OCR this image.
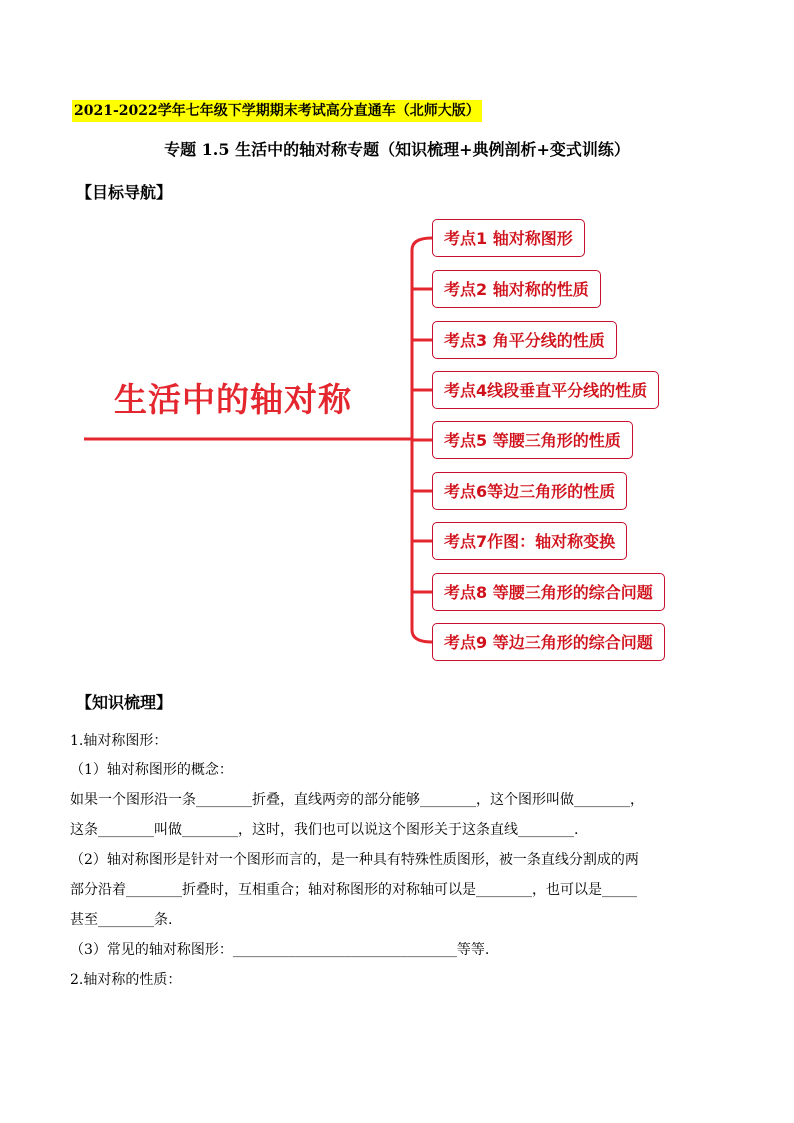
2021-2022学年七年级下学期期末考试高分直通车（北师大版）
专题 1.5 生活中的轴对称专题（知识梳理+典例剖析+变式训练）
【目标导航】
生活中的轴对称
考点1 轴对称图形
考点2 轴对称的性质
考点3 角平分线的性质
考点4线段垂直平分线的性质
考点5 等腰三角形的性质
考点6等边三角形的性质
考点7作图：轴对称变换
考点8 等腰三角形的综合问题
考点9 等边三角形的综合问题
【知识梳理】
1.轴对称图形：
（1）轴对称图形的概念：
如果一个图形沿一条________折叠，直线两旁的部分能够________，这个图形叫做________，
这条________叫做________，这时，我们也可以说这个图形关于这条直线________.
（2）轴对称图形是针对一个图形而言的，是一种具有特殊性质图形，被一条直线分割成的两
部分沿着________折叠时，互相重合；轴对称图形的对称轴可以是________，也可以是_____
甚至________条.
（3）常见的轴对称图形：________________________________等等.
2.轴对称的性质：
